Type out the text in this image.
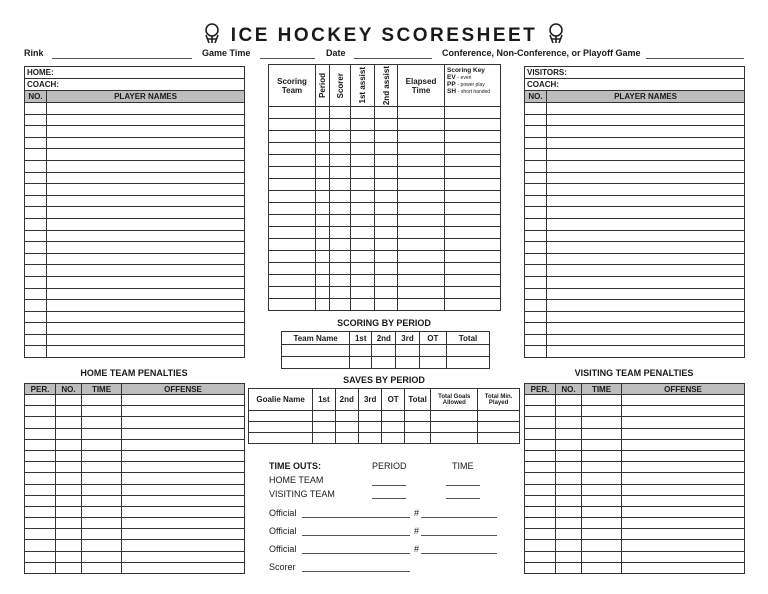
ICE HOCKEY SCORESHEET
Rink	Game Time	Date	Conference, Non-Conference, or Playoff Game
HOME:	
COACH:	
NO.	PLAYER NAMES

VISITORS:	
COACH:	
NO.	PLAYER NAMES

Scoring Team	Period	Scorer	1st assist	2nd assist	Elapsed Time	Scoring Key
EV - even
PP - power play
SH - short handed

SCORING BY PERIOD
Team Name	1st	2nd	3rd	OT	Total

SAVES BY PERIOD
Goalie Name	1st	2nd	3rd	OT	Total	Total Goals Allowed	Total Min. Played

HOME TEAM PENALTIES
PER.	NO.	TIME	OFFENSE

VISITING TEAM PENALTIES
PER.	NO.	TIME	OFFENSE

TIME OUTS:	PERIOD	TIME
HOME TEAM
VISITING TEAM
Official	#
Official	#
Official	#
Scorer
